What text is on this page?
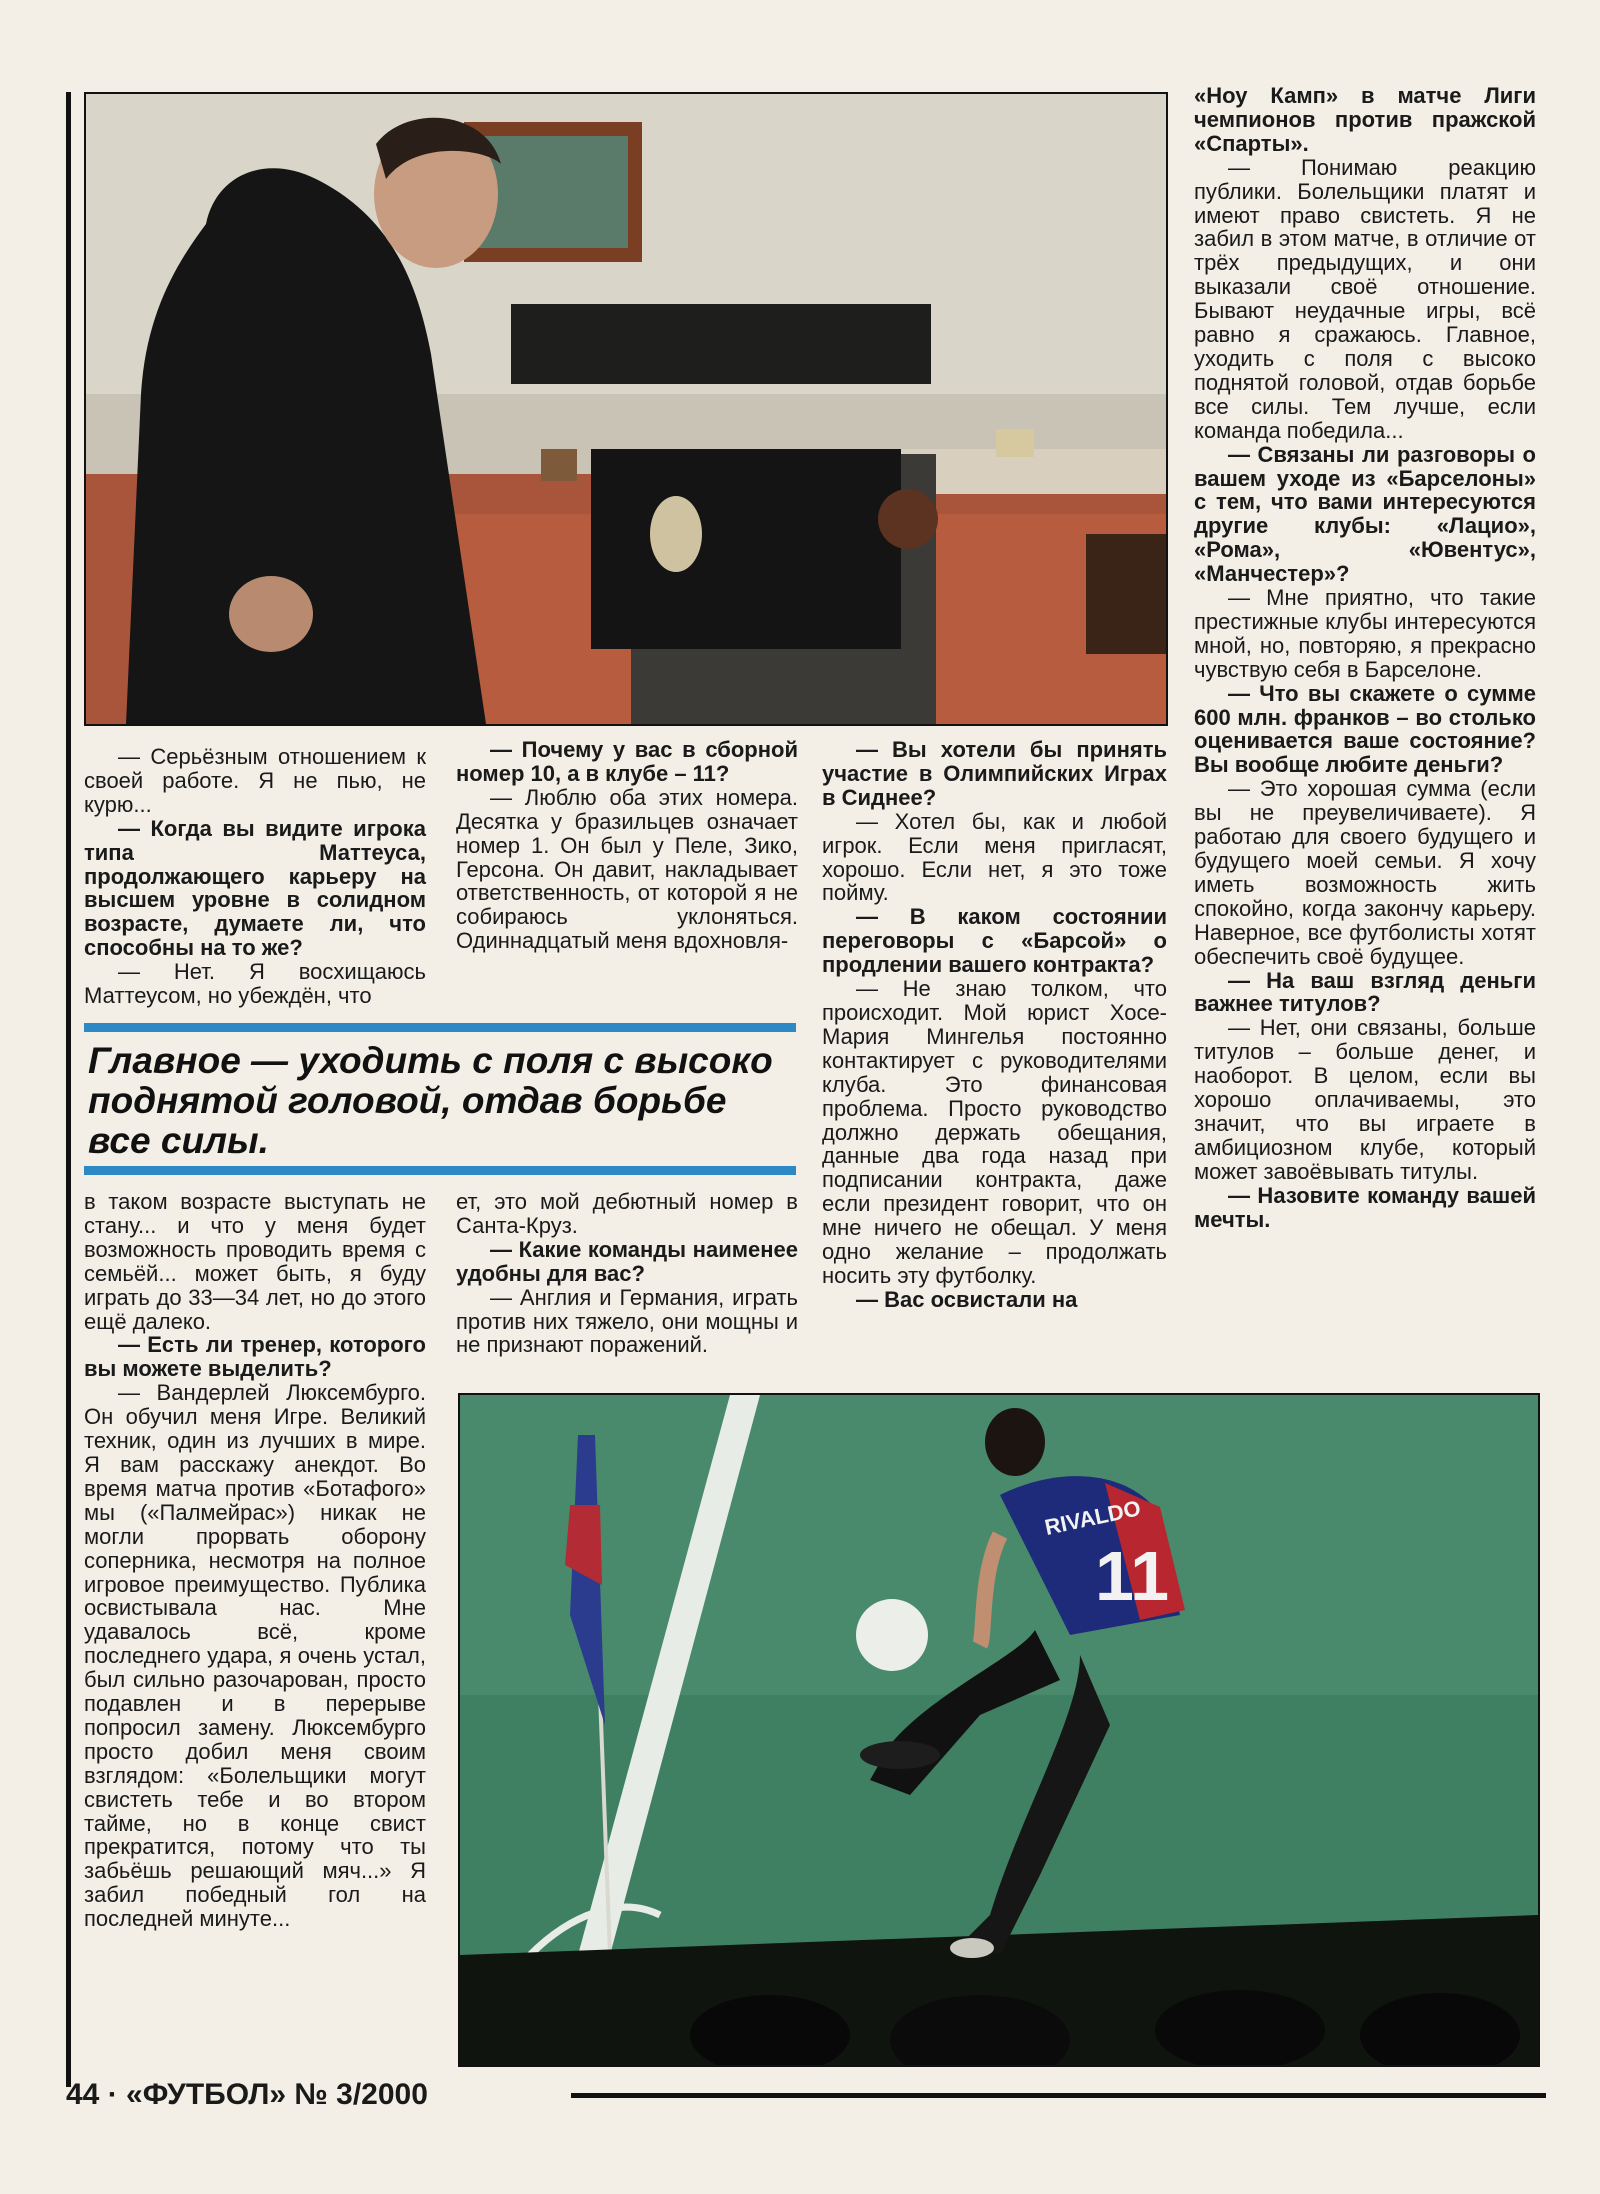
«Ноу Камп» в матче Лиги чемпионов против пражской «Спарты».

— Понимаю реакцию публики. Болельщики платят и имеют право свистеть. Я не забил в этом матче, в отличие от трёх предыдущих, и они выказали своё отношение. Бывают неудачные игры, всё равно я сражаюсь. Главное, уходить с поля с высоко поднятой головой, отдав борьбе все силы. Тем лучше, если команда победила...

— Связаны ли разговоры о вашем уходе из «Барселоны» с тем, что вами интересуются другие клубы: «Лацио», «Рома», «Ювентус», «Манчестер»?

— Мне приятно, что такие престижные клубы интересуются мной, но, повторяю, я прекрасно чувствую себя в Барселоне.

— Что вы скажете о сумме 600 млн. франков – во столько оценивается ваше состояние? Вы вообще любите деньги?

— Это хорошая сумма (если вы не преувеличиваете). Я работаю для своего будущего и будущего моей семьи. Я хочу иметь возможность жить спокойно, когда закончу карьеру. Наверное, все футболисты хотят обеспечить своё будущее.

— На ваш взгляд деньги важнее титулов?

— Нет, они связаны, больше титулов – больше денег, и наоборот. В целом, если вы хорошо оплачиваемы, это значит, что вы играете в амбициозном клубе, который может завоёвывать титулы.

— Назовите команду вашей мечты.

— Серьёзным отношением к своей работе. Я не пью, не курю...

— Когда вы видите игрока типа Маттеуса, продолжающего карьеру на высшем уровне в солидном возрасте, думаете ли, что способны на то же?

— Нет. Я восхищаюсь Маттеусом, но убеждён, что

— Почему у вас в сборной номер 10, а в клубе – 11?

— Люблю оба этих номера. Десятка у бразильцев означает номер 1. Он был у Пеле, Зико, Герсона. Он давит, накладывает ответственность, от которой я не собираюсь уклоняться. Одиннадцатый меня вдохновля-

— Вы хотели бы принять участие в Олимпийских Играх в Сиднее?

— Хотел бы, как и любой игрок. Если меня пригласят, хорошо. Если нет, я это тоже пойму.

— В каком состоянии переговоры с «Барсой» о продлении вашего контракта?

— Не знаю толком, что происходит. Мой юрист Хосе-Мария Мингелья постоянно контактирует с руководителями клуба. Это финансовая проблема. Просто руководство должно держать обещания, данные два года назад при подписании контракта, даже если президент говорит, что он мне ничего не обещал. У меня одно желание – продолжать носить эту футболку.

— Вас освистали на

Главное — уходить с поля с высоко поднятой головой, отдав борьбе все силы.

в таком возрасте выступать не стану... и что у меня будет возможность проводить время с семьёй... может быть, я буду играть до 33—34 лет, но до этого ещё далеко.

— Есть ли тренер, которого вы можете выделить?

— Вандерлей Люксембурго. Он обучил меня Игре. Великий техник, один из лучших в мире. Я вам расскажу анекдот. Во время матча против «Ботафого» мы («Палмейрас») никак не могли прорвать оборону соперника, несмотря на полное игровое преимущество. Публика освистывала нас. Мне удавалось всё, кроме последнего удара, я очень устал, был сильно разочарован, просто подавлен и в перерыве попросил замену. Люксембурго просто добил меня своим взглядом: «Болельщики могут свистеть тебе и во втором тайме, но в конце свист прекратится, потому что ты забьёшь решающий мяч...» Я забил победный гол на последней минуте...

ет, это мой дебютный номер в Санта-Круз.

— Какие команды наименее удобны для вас?

— Англия и Германия, играть против них тяжело, они мощны и не признают поражений.

11
RIVALDO
44 · «ФУТБОЛ» № 3/2000
